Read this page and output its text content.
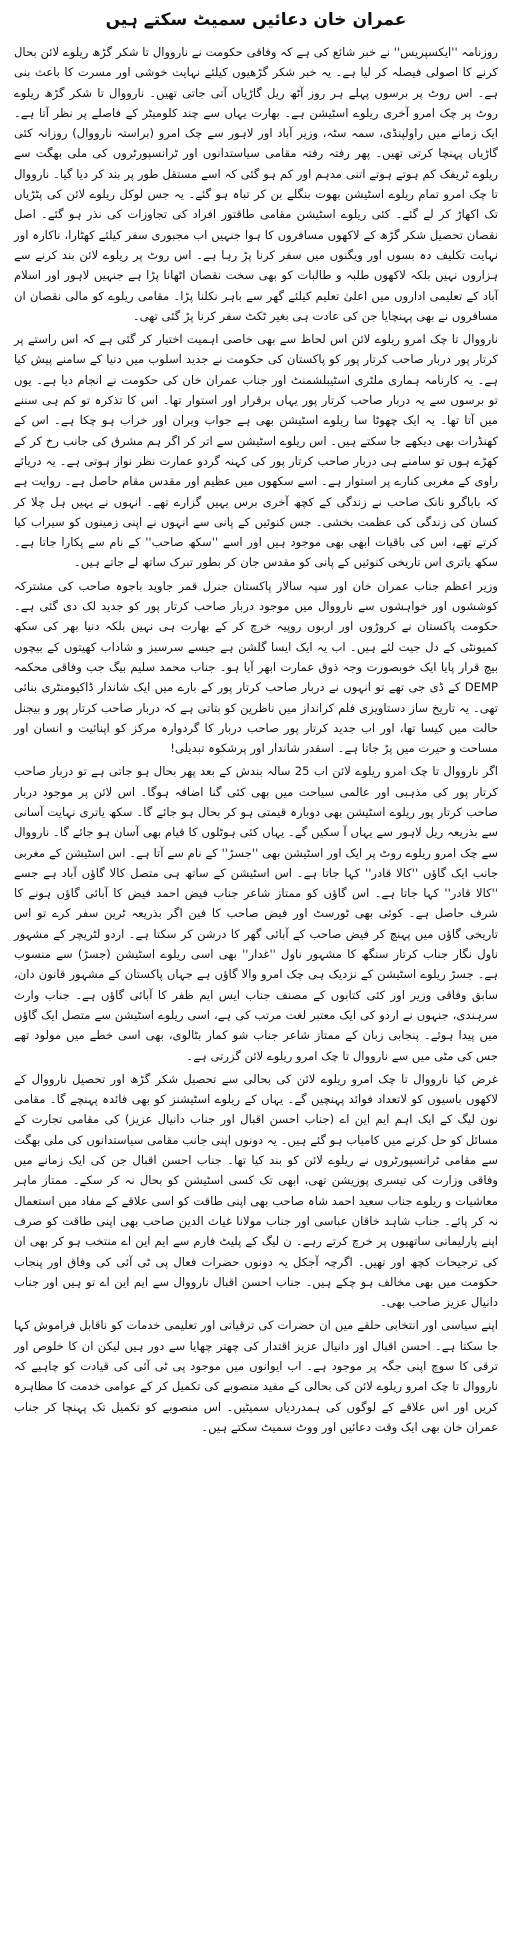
عمران خان دعائیں سمیٹ سکتے ہیں

روزنامہ ''ایکسپریس'' نے خبر شائع کی ہے کہ وفاقی حکومت نے نارووال تا شکر گڑھ ریلوے لائن بحال کرنے کا اصولی فیصلہ کر لیا ہے۔ یہ خبر شکر گڑھیوں کیلئے نہایت خوشی اور مسرت کا باعث بنی ہے۔ اس روٹ پر برسوں پہلے ہر روز آٹھ ریل گاڑیاں آتی جاتی تھیں۔ نارووال تا شکر گڑھ ریلوے روٹ پر چک امرو آخری ریلوے اسٹیشن ہے۔ بھارت یہاں سے چند کلومیٹر کے فاصلے پر نظر آتا ہے۔ ایک زمانے میں راولپنڈی، سمہ سٹہ، وزیر آباد اور لاہور سے چک امرو (براستہ نارووال) روزانہ کئی گاڑیاں پہنچا کرتی تھیں۔ پھر رفتہ رفتہ مقامی سیاستدانوں اور ٹرانسپورٹروں کی ملی بھگت سے ریلوے ٹریفک کم ہوتے ہوتے اتنی مدہم اور کم ہو گئی کہ اسے مستقل طور پر بند کر دیا گیا۔ نارووال تا چک امرو تمام ریلوے اسٹیشن بھوت بنگلے بن کر تباہ ہو گئے۔ یہ جس لوکل ریلوے لائن کی پٹڑیاں تک اکھاڑ کر لے گئے۔ کئی ریلوے اسٹیشن مقامی طاقتور افراد کی تجاوزات کی نذر ہو گئے۔ اصل نقصان تحصیل شکر گڑھ کے لاکھوں مسافروں کا ہوا جنہیں اب مجبوری سفر کیلئے کھٹارا، ناکارہ اور نہایت تکلیف دہ بسوں اور ویگنوں میں سفر کرنا پڑ رہا ہے۔ اس روٹ پر ریلوے لائن بند کرنے سے ہزاروں نہیں بلکہ لاکھوں طلبہ و طالبات کو بھی سخت نقصان اٹھانا پڑا ہے جنہیں لاہور اور اسلام آباد کے تعلیمی اداروں میں اعلیٰ تعلیم کیلئے گھر سے باہر نکلنا پڑا۔ مقامی ریلوے کو مالی نقصان ان مسافروں نے بھی پہنچایا جن کی عادت ہی بغیر ٹکٹ سفر کرنا پڑ گئی تھی۔

نارووال تا چک امرو ریلوے لائن اس لحاظ سے بھی خاصی اہمیت اختیار کر گئی ہے کہ اس راستے پر کرتار پور دربار صاحب کرتار پور کو پاکستان کی حکومت نے جدید اسلوب میں دنیا کے سامنے پیش کیا ہے۔ یہ کارنامہ ہماری ملٹری اسٹیبلشمنٹ اور جناب عمران خان کی حکومت نے انجام دیا ہے۔ یوں تو برسوں سے یہ دربار صاحب کرتار پور یہاں برقرار اور استوار تھا۔ اس کا تذکرہ تو کم ہی سننے میں آتا تھا۔ یہ ایک چھوٹا سا ریلوے اسٹیشن بھی ہے جواب ویران اور خراب ہو چکا ہے۔ اس کے کھنڈرات بھی دیکھے جا سکتے ہیں۔ اس ریلوے اسٹیشن سے اتر کر اگر ہم مشرق کی جانب رخ کر کے کھڑے ہوں تو سامنے ہی دربار صاحب کرتار پور کی کہنہ گردو عمارت نظر نواز ہوتی ہے۔ یہ دریائے راوی کے مغربی کنارے پر استوار ہے۔ اسے سکھوں میں عظیم اور مقدس مقام حاصل ہے۔ روایت ہے کہ باباگرو نانک صاحب نے زندگی کے کچھ آخری برس یہیں گزارے تھے۔ انہوں نے یہیں ہل چلا کر کسان کی زندگی کی عظمت بخشی۔ جس کنوئیں کے پانی سے انہوں نے اپنی زمینوں کو سیراب کیا کرتے تھے، اس کی باقیات ابھی بھی موجود ہیں اور اسے ''سکھ صاحب'' کے نام سے پکارا جاتا ہے۔ سکھ یاتری اس تاریخی کنوئیں کے پانی کو مقدس جان کر بطور تبرک ساتھ لے جاتے ہیں۔

وزیر اعظم جناب عمران خان اور سپہ سالار پاکستان جنرل قمر جاوید باجوہ صاحب کی مشترکہ کوششوں اور خواہشوں سے نارووال میں موجود دربار صاحب کرتار پور کو جدید لک دی گئی ہے۔ حکومت پاکستان نے کروڑوں اور اربوں روپیہ خرچ کر کے بھارت ہی نہیں بلکہ دنیا بھر کی سکھ کمیونٹی کے دل جیت لئے ہیں۔ اب یہ ایک ایسا گلشن ہے جیسے سرسبز و شاداب کھیتوں کے بیچوں بیچ قرار پایا ایک خوبصورت وجہ ذوق عمارت ابھر آیا ہو۔ جناب محمد سلیم بیگ جب وفاقی محکمہ DEMP کے ڈی جی تھے تو انہوں نے دربار صاحب کرتار پور کے بارے میں ایک شاندار ڈاکیومنٹری بنائی تھی۔ یہ تاریخ ساز دستاویزی فلم کرانداز میں ناظرین کو بتاتی ہے کہ دربار صاحب کرتار پور و بیجنل حالت میں کیسا تھا، اور اب جدید کرتار پور صاحب دربار کا گردوارہ مرکز کو اپنائیت و انسان اور مساحت و حیرت میں پڑ جاتا ہے۔ اسقدر شاندار اور پرشکوہ تبدیلی!

اگر نارووال تا چک امرو ریلوے لائن اب 25 سالہ بندش کے بعد پھر بحال ہو جاتی ہے تو دربار صاحب کرتار پور کی مذہبی اور عالمی سیاحت میں بھی کئی گنا اضافہ ہوگا۔ اس لائن پر موجود دربار صاحب کرتار پور ریلوے اسٹیشن بھی دوبارہ قیمتی ہو کر بحال ہو جائے گا۔ سکھ یاتری نہایت آسانی سے بذریعہ ریل لاہور سے یہاں آ سکیں گے۔ یہاں کئی ہوٹلوں کا قیام بھی آسان ہو جائے گا۔ نارووال سے چک امرو ریلوے روٹ پر ایک اور اسٹیشن بھی ''جسڑ'' کے نام سے آتا ہے۔ اس اسٹیشن کے مغربی جانب ایک گاؤں ''کالا قادر'' کہا جاتا ہے۔ اس اسٹیشن کے ساتھ ہی متصل کالا گاؤں آباد ہے جسے ''کالا قادر'' کہا جاتا ہے۔ اس گاؤں کو ممتاز شاعر جناب فیض احمد فیض کا آبائی گاؤں ہونے کا شرف حاصل ہے۔ کوئی بھی ٹورسٹ اور فیض صاحب کا فین اگر بذریعہ ٹرین سفر کرے تو اس تاریخی گاؤں میں پہنچ کر فیض صاحب کے آبائی گھر کا درشن کر سکتا ہے۔ اردو لٹریچر کے مشہور ناول نگار جناب کرتار سنگھ کا مشہور ناول ''غدار'' بھی اسی ریلوے اسٹیشن (جسڑ) سے منسوب ہے۔ جسڑ ریلوے اسٹیشن کے نزدیک ہی چک امرو والا گاؤں ہے جہاں پاکستان کے مشہور قانون دان، سابق وفاقی وزیر اور کئی کتابوں کے مصنف جناب ایس ایم ظفر کا آبائی گاؤں ہے۔ جناب وارث سرہندی، جنہوں نے اردو کی ایک معتبر لغت مرتب کی ہے، اسی ریلوے اسٹیشن سے متصل ایک گاؤں میں پیدا ہوئے۔ پنجابی زبان کے ممتاز شاعر جناب شو کمار بٹالوی، بھی اسی خطے میں مولود تھے جس کی مٹی میں سے نارووال تا چک امرو ریلوے لائن گزرتی ہے۔

غرض کیا نارووال تا چک امرو ریلوے لائن کی بحالی سے تحصیل شکر گڑھ اور تحصیل نارووال کے لاکھوں باسیوں کو لاتعداد فوائد پہنچیں گے۔ یہاں کے ریلوے اسٹیشنز کو بھی فائدہ پہنچے گا۔ مقامی نون لیگ کے ایک اہم ایم این اے (جناب احسن اقبال اور جناب دانیال عزیز) کی مقامی تجارت کے مسائل کو حل کرنے میں کامیاب ہو گئے ہیں۔ یہ دونوں اپنی جانب مقامی سیاستدانوں کی ملی بھگت سے مقامی ٹرانسپورٹروں نے ریلوے لائن کو بند کیا تھا۔ جناب احسن اقبال جن کی ایک زمانے میں وفاقی وزارت کی تیسری پوزیشن تھی، ابھی تک کسی اسٹیشن کو بحال نہ کر سکے۔ ممتاز ماہر معاشیات و ریلوے جناب سعید احمد شاہ صاحب بھی اپنی طاقت کو اسی علاقے کے مفاد میں استعمال نہ کر پائے۔ جناب شاہد خاقان عباسی اور جناب مولانا غیاث الدین صاحب بھی اپنی طاقت کو صرف اپنے پارلیمانی ساتھیوں پر خرچ کرتے رہے۔ ن لیگ کے پلیٹ فارم سے ایم این اے منتخب ہو کر بھی ان کی ترجیحات کچھ اور تھیں۔ اگرچہ آجکل یہ دونوں حضرات فعال پی ٹی آئی کی وفاق اور پنجاب حکومت میں بھی مخالف ہو چکے ہیں۔ جناب احسن اقبال نارووال سے ایم این اے تو ہیں اور جناب دانیال عزیز صاحب بھی۔

اپنے سیاسی اور انتخابی حلقے میں ان حضرات کی ترقیاتی اور تعلیمی خدمات کو ناقابل فراموش کہا جا سکتا ہے۔ احسن اقبال اور دانیال عزیز اقتدار کی چھتر چھایا سے دور ہیں لیکن ان کا خلوص اور ترقی کا سوچ اپنی جگہ پر موجود ہے۔ اب ایوانوں میں موجود پی ٹی آئی کی قیادت کو چاہیے کہ نارووال تا چک امرو ریلوے لائن کی بحالی کے مفید منصوبے کی تکمیل کر کے عوامی خدمت کا مظاہرہ کریں اور اس علاقے کے لوگوں کی ہمدردیاں سمیٹیں۔ اس منصوبے کو تکمیل تک پہنچا کر جناب عمران خان بھی ایک وقت دعائیں اور ووٹ سمیٹ سکتے ہیں۔
